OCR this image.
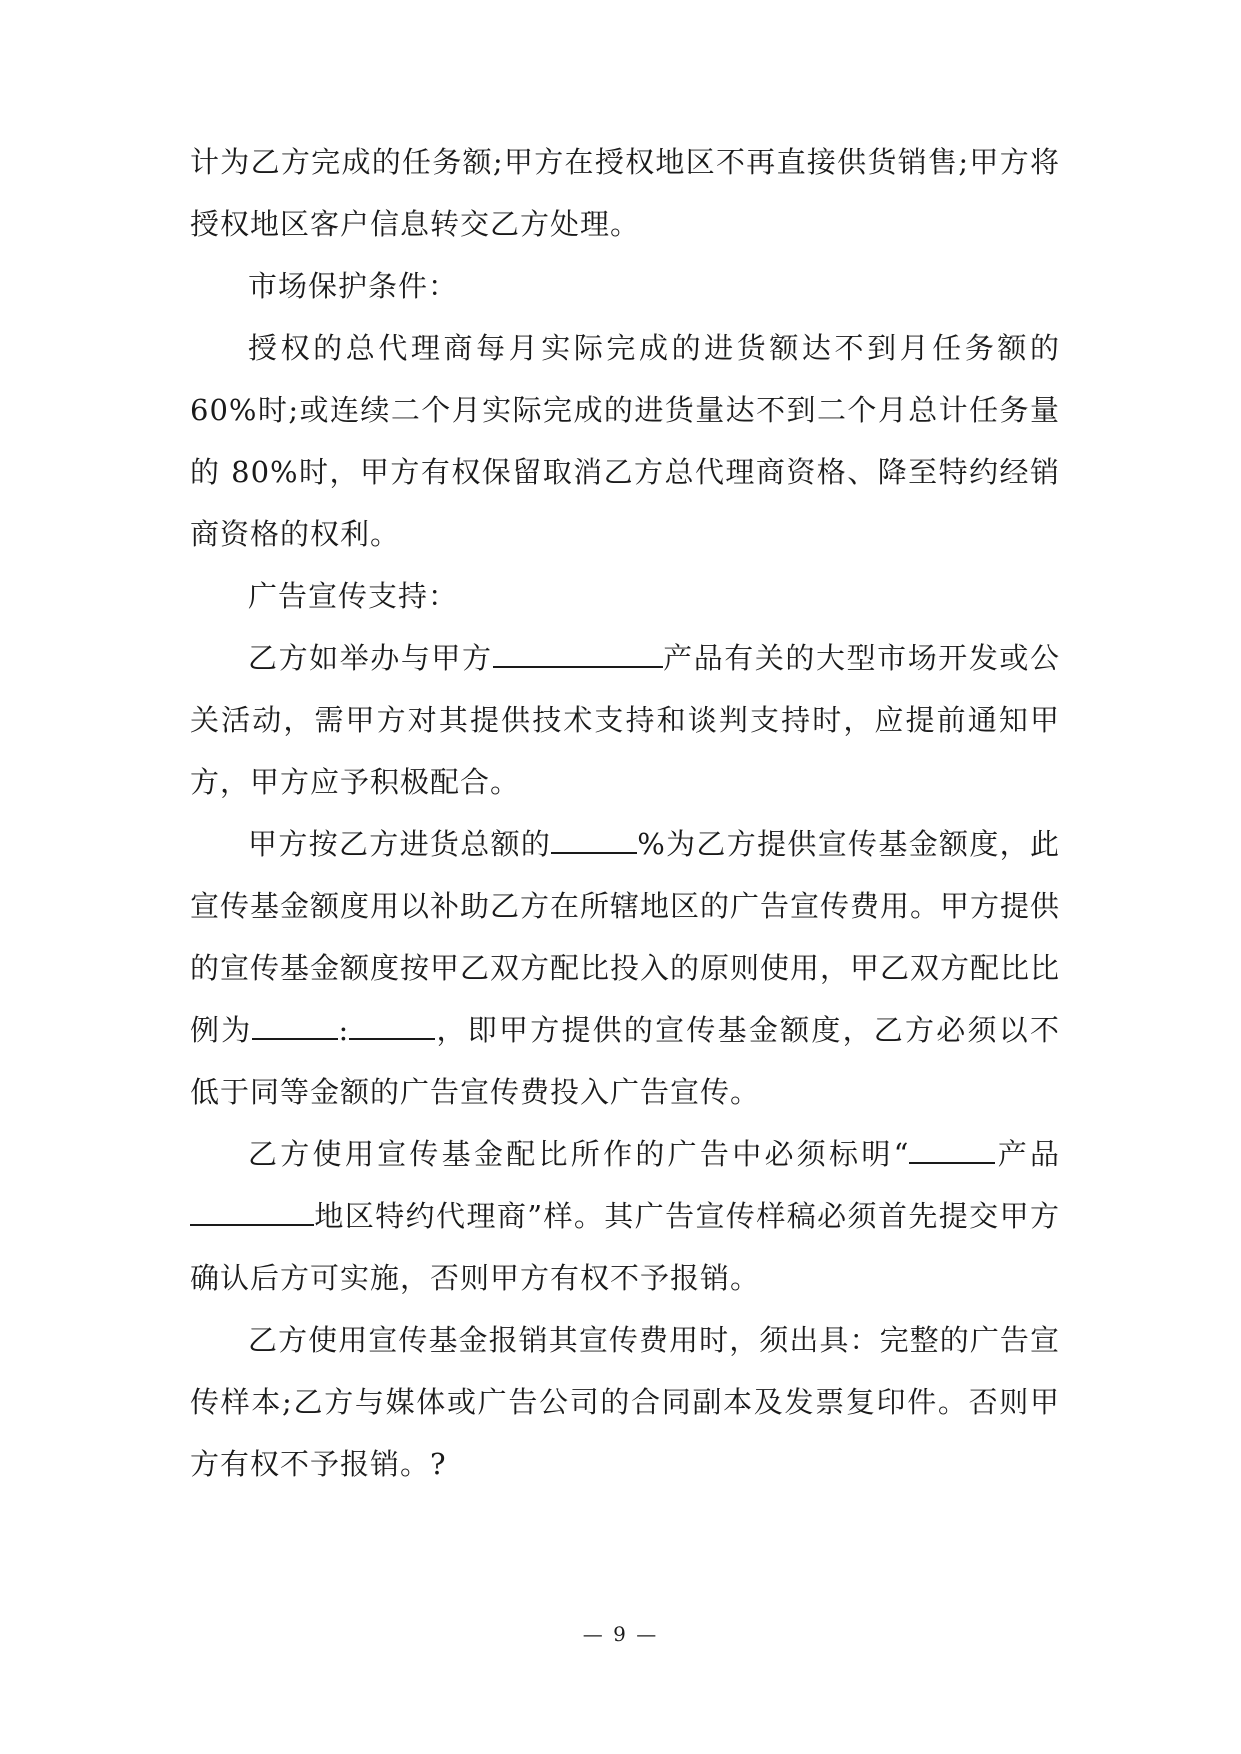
计为乙方完成的任务额;甲方在授权地区不再直接供货销售;甲方将授权地区客户信息转交乙方处理。

市场保护条件：

授权的总代理商每月实际完成的进货额达不到月任务额的 60%时;或连续二个月实际完成的进货量达不到二个月总计任务量的 80%时，甲方有权保留取消乙方总代理商资格、降至特约经销商资格的权利。

广告宣传支持：

乙方如举办与甲方	产品有关的大型市场开发或公关活动，需甲方对其提供技术支持和谈判支持时，应提前通知甲方，甲方应予积极配合。

甲方按乙方进货总额的	%为乙方提供宣传基金额度，此宣传基金额度用以补助乙方在所辖地区的广告宣传费用。甲方提供的宣传基金额度按甲乙双方配比投入的原则使用，甲乙双方配比比例为	:	，即甲方提供的宣传基金额度，乙方必须以不低于同等金额的广告宣传费投入广告宣传。

乙方使用宣传基金配比所作的广告中必须标明“	产品地区特约代理商”样。其广告宣传样稿必须首先提交甲方确认后方可实施，否则甲方有权不予报销。

乙方使用宣传基金报销其宣传费用时，须出具：完整的广告宣传样本;乙方与媒体或广告公司的合同副本及发票复印件。否则甲方有权不予报销。?

— 9 —
